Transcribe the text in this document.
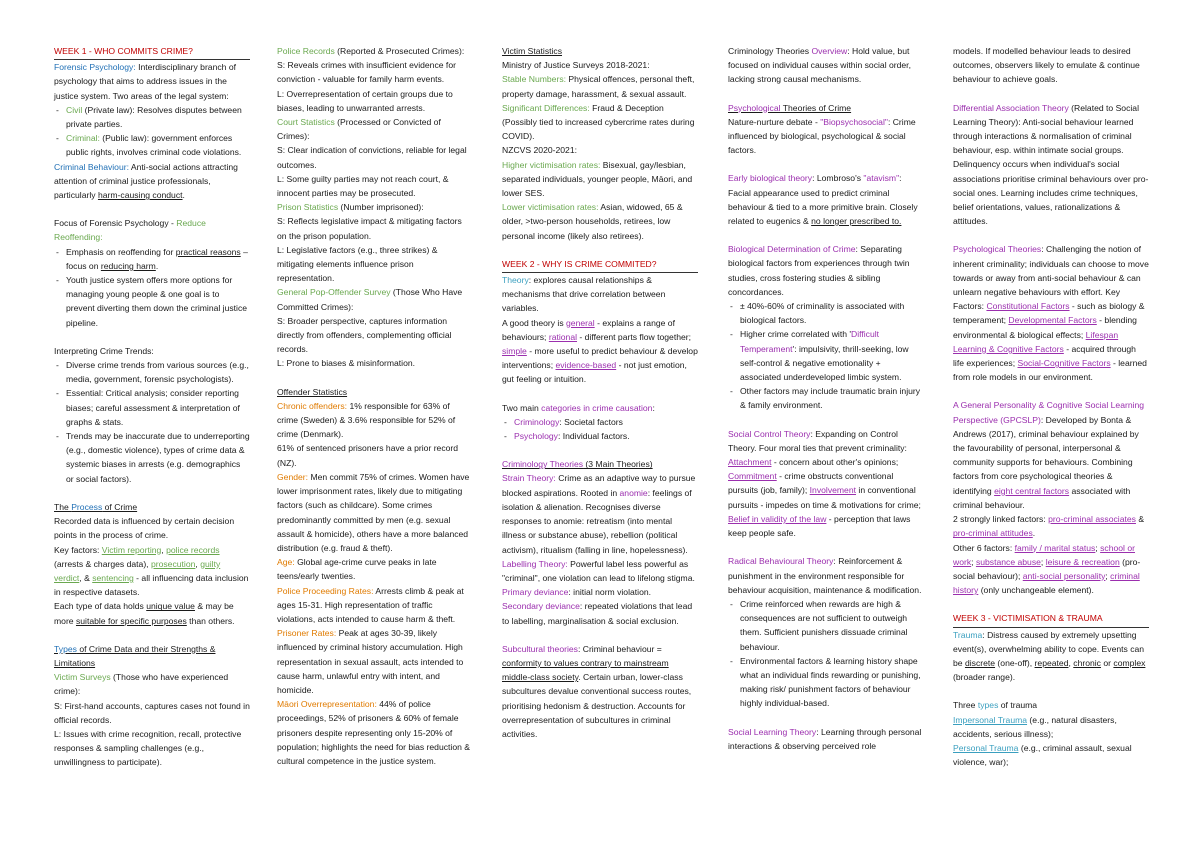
WEEK 1 - WHO COMMITS CRIME?

Forensic Psychology: Interdisciplinary branch of psychology that aims to address issues in the justice system. Two areas of the legal system:

- Civil (Private law): Resolves disputes between private parties.
- Criminal: (Public law): government enforces public rights, involves criminal code violations.

Criminal Behaviour: Anti-social actions attracting attention of criminal justice professionals, particularly harm-causing conduct.

Focus of Forensic Psychology - Reduce Reoffending:

- Emphasis on reoffending for practical reasons – focus on reducing harm.
- Youth justice system offers more options for managing young people & one goal is to prevent diverting them down the criminal justice pipeline.

Interpreting Crime Trends:

- Diverse crime trends from various sources (e.g., media, government, forensic psychologists).
- Essential: Critical analysis; consider reporting biases; careful assessment & interpretation of graphs & stats.
- Trends may be inaccurate due to underreporting (e.g., domestic violence), types of crime data & systemic biases in arrests (e.g. demographics or social factors).

The Process of Crime

Recorded data is influenced by certain decision points in the process of crime.

Key factors: Victim reporting, police records (arrests & charges data), prosecution, guilty verdict, & sentencing - all influencing data inclusion in respective datasets.

Each type of data holds unique value & may be more suitable for specific purposes than others.

Types of Crime Data and their Strengths & Limitations

Victim Surveys (Those who have experienced crime):

S: First-hand accounts, captures cases not found in official records.

L: Issues with crime recognition, recall, protective responses & sampling challenges (e.g., unwillingness to participate).

Police Records (Reported & Prosecuted Crimes):

S: Reveals crimes with insufficient evidence for conviction - valuable for family harm events.

L: Overrepresentation of certain groups due to biases, leading to unwarranted arrests.

Court Statistics (Processed or Convicted of Crimes):

S: Clear indication of convictions, reliable for legal outcomes.

L: Some guilty parties may not reach court, & innocent parties may be prosecuted.

Prison Statistics (Number imprisoned):

S: Reflects legislative impact & mitigating factors on the prison population.

L: Legislative factors (e.g., three strikes) & mitigating elements influence prison representation.

General Pop-Offender Survey (Those Who Have Committed Crimes):

S: Broader perspective, captures information directly from offenders, complementing official records.

L: Prone to biases & misinformation.

Offender Statistics

Chronic offenders: 1% responsible for 63% of crime (Sweden) & 3.6% responsible for 52% of crime (Denmark).

61% of sentenced prisoners have a prior record (NZ).

Gender: Men commit 75% of crimes. Women have lower imprisonment rates, likely due to mitigating factors (such as childcare). Some crimes predominantly committed by men (e.g. sexual assault & homicide), others have a more balanced distribution (e.g. fraud & theft).

Age: Global age-crime curve peaks in late teens/early twenties.

Police Proceeding Rates: Arrests climb & peak at ages 15-31. High representation of traffic violations, acts intended to cause harm & theft.

Prisoner Rates: Peak at ages 30-39, likely influenced by criminal history accumulation. High representation in sexual assault, acts intended to cause harm, unlawful entry with intent, and homicide.

Māori Overrepresentation: 44% of police proceedings, 52% of prisoners & 60% of female prisoners despite representing only 15-20% of population; highlights the need for bias reduction & cultural competence in the justice system.

Victim Statistics

Ministry of Justice Surveys 2018-2021:

Stable Numbers: Physical offences, personal theft, property damage, harassment, & sexual assault.

Significant Differences: Fraud & Deception (Possibly tied to increased cybercrime rates during COVID).

NZCVS 2020-2021:

Higher victimisation rates: Bisexual, gay/lesbian, separated individuals, younger people, Māori, and lower SES.

Lower victimisation rates: Asian, widowed, 65 & older, >two-person households, retirees, low personal income (likely also retirees).

WEEK 2 - WHY IS CRIME COMMITED?

Theory: explores causal relationships & mechanisms that drive correlation between variables.

A good theory is general - explains a range of behaviours; rational - different parts flow together; simple - more useful to predict behaviour & develop interventions; evidence-based - not just emotion, gut feeling or intuition.

Two main categories in crime causation:

- Criminology: Societal factors
- Psychology: Individual factors.

Criminology Theories (3 Main Theories)

Strain Theory: Crime as an adaptive way to pursue blocked aspirations. Rooted in anomie: feelings of isolation & alienation. Recognises diverse responses to anomie: retreatism (into mental illness or substance abuse), rebellion (political activism), ritualism (falling in line, hopelessness).

Labelling Theory: Powerful label less powerful as "criminal", one violation can lead to lifelong stigma. Primary deviance: initial norm violation.

Secondary deviance: repeated violations that lead to labelling, marginalisation & social exclusion.

Subcultural theories: Criminal behaviour = conformity to values contrary to mainstream middle-class society. Certain urban, lower-class subcultures devalue conventional success routes, prioritising hedonism & destruction. Accounts for overrepresentation of subcultures in criminal activities.

Criminology Theories Overview: Hold value, but focused on individual causes within social order, lacking strong causal mechanisms.

Psychological Theories of Crime

Nature-nurture debate - "Biopsychosocial": Crime influenced by biological, psychological & social factors.

Early biological theory: Lombroso's "atavism": Facial appearance used to predict criminal behaviour & tied to a more primitive brain. Closely related to eugenics & no longer prescribed to.

Biological Determination of Crime: Separating biological factors from experiences through twin studies, cross fostering studies & sibling concordances.

- ± 40%-60% of criminality is associated with biological factors.
- Higher crime correlated with 'Difficult Temperament': impulsivity, thrill-seeking, low self-control & negative emotionality + associated underdeveloped limbic system.
- Other factors may include traumatic brain injury & family environment.

Social Control Theory: Expanding on Control Theory. Four moral ties that prevent criminality: Attachment - concern about other's opinions; Commitment - crime obstructs conventional pursuits (job, family); Involvement in conventional pursuits - impedes on time & motivations for crime; Belief in validity of the law - perception that laws keep people safe.

Radical Behavioural Theory: Reinforcement & punishment in the environment responsible for behaviour acquisition, maintenance & modification.

- Crime reinforced when rewards are high & consequences are not sufficient to outweigh them. Sufficient punishers dissuade criminal behaviour.
- Environmental factors & learning history shape what an individual finds rewarding or punishing, making risk/ punishment factors of behaviour highly individual-based.

Social Learning Theory: Learning through personal interactions & observing perceived role

models. If modelled behaviour leads to desired outcomes, observers likely to emulate & continue behaviour to achieve goals.

Differential Association Theory (Related to Social Learning Theory): Anti-social behaviour learned through interactions & normalisation of criminal behaviour, esp. within intimate social groups. Delinquency occurs when individual's social associations prioritise criminal behaviours over pro-social ones. Learning includes crime techniques, belief orientations, values, rationalizations & attitudes.

Psychological Theories: Challenging the notion of inherent criminality; individuals can choose to move towards or away from anti-social behaviour & can unlearn negative behaviours with effort. Key Factors: Constitutional Factors - such as biology & temperament; Developmental Factors - blending environmental & biological effects; Lifespan Learning & Cognitive Factors - acquired through life experiences; Social-Cognitive Factors - learned from role models in our environment.

A General Personality & Cognitive Social Learning Perspective (GPCSLP): Developed by Bonta & Andrews (2017), criminal behaviour explained by the favourability of personal, interpersonal & community supports for behaviours. Combining factors from core psychological theories & identifying eight central factors associated with criminal behaviour.

2 strongly linked factors: pro-criminal associates & pro-criminal attitudes.

Other 6 factors: family / marital status; school or work; substance abuse; leisure & recreation (pro-social behaviour); anti-social personality; criminal history (only unchangeable element).

WEEK 3 - VICTIMISATION & TRAUMA

Trauma: Distress caused by extremely upsetting event(s), overwhelming ability to cope. Events can be discrete (one-off), repeated, chronic or complex (broader range).

Three types of trauma

Impersonal Trauma (e.g., natural disasters, accidents, serious illness);

Personal Trauma (e.g., criminal assault, sexual violence, war);
